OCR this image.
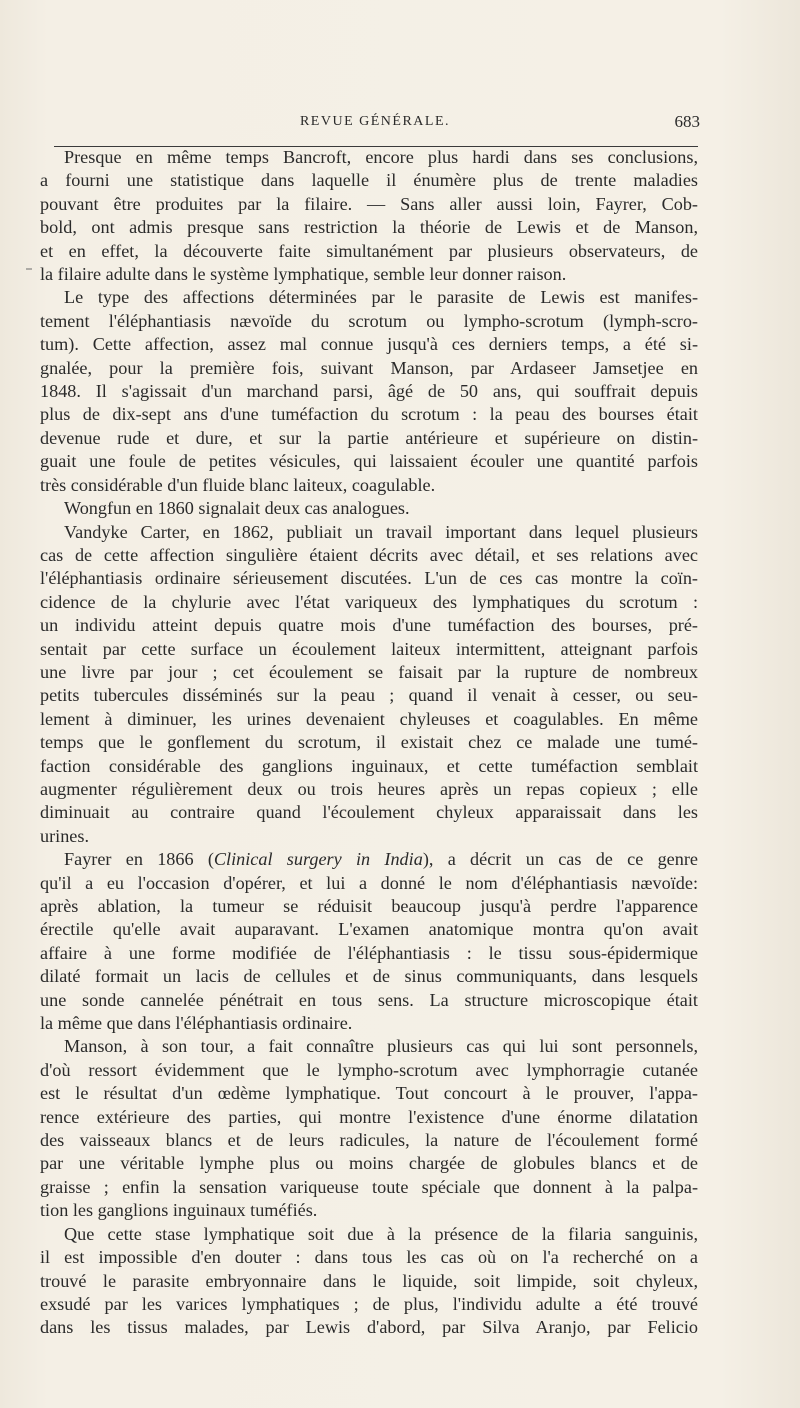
REVUE GÉNÉRALE.	683

Presque en même temps Bancroft, encore plus hardi dans ses conclusions,
a fourni une statistique dans laquelle il énumère plus de trente maladies
pouvant être produites par la filaire. — Sans aller aussi loin, Fayrer, Cob-
bold, ont admis presque sans restriction la théorie de Lewis et de Manson,
et en effet, la découverte faite simultanément par plusieurs observateurs, de
la filaire adulte dans le système lymphatique, semble leur donner raison.

Le type des affections déterminées par le parasite de Lewis est manifes-
tement l'éléphantiasis nævoïde du scrotum ou lympho-scrotum (lymph-scro-
tum). Cette affection, assez mal connue jusqu'à ces derniers temps, a été si-
gnalée, pour la première fois, suivant Manson, par Ardaseer Jamsetjee en
1848. Il s'agissait d'un marchand parsi, âgé de 50 ans, qui souffrait depuis
plus de dix-sept ans d'une tuméfaction du scrotum : la peau des bourses était
devenue rude et dure, et sur la partie antérieure et supérieure on distin-
guait une foule de petites vésicules, qui laissaient écouler une quantité parfois
très considérable d'un fluide blanc laiteux, coagulable.

Wongfun en 1860 signalait deux cas analogues.

Vandyke Carter, en 1862, publiait un travail important dans lequel plusieurs
cas de cette affection singulière étaient décrits avec détail, et ses relations avec
l'éléphantiasis ordinaire sérieusement discutées. L'un de ces cas montre la coïn-
cidence de la chylurie avec l'état variqueux des lymphatiques du scrotum :
un individu atteint depuis quatre mois d'une tuméfaction des bourses, pré-
sentait par cette surface un écoulement laiteux intermittent, atteignant parfois
une livre par jour ; cet écoulement se faisait par la rupture de nombreux
petits tubercules disséminés sur la peau ; quand il venait à cesser, ou seu-
lement à diminuer, les urines devenaient chyleuses et coagulables. En même
temps que le gonflement du scrotum, il existait chez ce malade une tumé-
faction considérable des ganglions inguinaux, et cette tuméfaction semblait
augmenter régulièrement deux ou trois heures après un repas copieux ; elle
diminuait au contraire quand l'écoulement chyleux apparaissait dans les
urines.

Fayrer en 1866 (Clinical surgery in India), a décrit un cas de ce genre
qu'il a eu l'occasion d'opérer, et lui a donné le nom d'éléphantiasis nævoïde:
après ablation, la tumeur se réduisit beaucoup jusqu'à perdre l'apparence
érectile qu'elle avait auparavant. L'examen anatomique montra qu'on avait
affaire à une forme modifiée de l'éléphantiasis : le tissu sous-épidermique
dilaté formait un lacis de cellules et de sinus communiquants, dans lesquels
une sonde cannelée pénétrait en tous sens. La structure microscopique était
la même que dans l'éléphantiasis ordinaire.

Manson, à son tour, a fait connaître plusieurs cas qui lui sont personnels,
d'où ressort évidemment que le lympho-scrotum avec lymphorragie cutanée
est le résultat d'un œdème lymphatique. Tout concourt à le prouver, l'appa-
rence extérieure des parties, qui montre l'existence d'une énorme dilatation
des vaisseaux blancs et de leurs radicules, la nature de l'écoulement formé
par une véritable lymphe plus ou moins chargée de globules blancs et de
graisse ; enfin la sensation variqueuse toute spéciale que donnent à la palpa-
tion les ganglions inguinaux tuméfiés.

Que cette stase lymphatique soit due à la présence de la filaria sanguinis,
il est impossible d'en douter : dans tous les cas où on l'a recherché on a
trouvé le parasite embryonnaire dans le liquide, soit limpide, soit chyleux,
exsudé par les varices lymphatiques ; de plus, l'individu adulte a été trouvé
dans les tissus malades, par Lewis d'abord, par Silva Aranjo, par Felicio
